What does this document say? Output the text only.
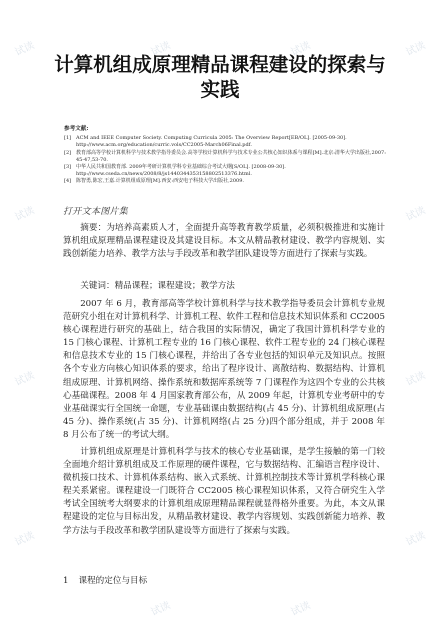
计算机组成原理精品课程建设的探索与
实践
参考文献:
[1] ACM and IEEE Computer Society. Computing Curricula 2005: The Overview Report[EB/OL]. [2005-09-30]. http://www.acm.org/education/curric.vols/CC2005-March06Final.pdf.
[2] 教育部高等学校计算机科学与技术教学指导委员会.高等学校计算机科学与技术专业公共核心知识体系与课程[M].北京:清华大学出版社,2007: 45-47,53-70.
[3] 中华人民共和国教育部. 2009年考研计算机学科专业基础综合考试大纲[S/OL]. [2008-09-30]. http://www.cseda.cn/news/2008/8/js1440344353158802513376.html.
[4] 陈智勇,陈宏,王嘉.计算机组成原理[M].西安:西安电子科技大学出版社,2009.
打开文本图片集
摘要：为培养高素质人才，全面提升高等教育教学质量，必须积极推进和实施计算机组成原理精品课程建设及其建设目标。本文从精品教材建设、教学内容规划、实践创新能力培养、教学方法与手段改革和教学团队建设等方面进行了探索与实践。
关键词：精品课程；课程建设；教学方法
2007 年 6 月，教育部高等学校计算机科学与技术教学指导委员会计算机专业规范研究小组在对计算机科学、计算机工程、软件工程和信息技术知识体系和 CC2005 核心课程进行研究的基础上，结合我国的实际情况，确定了我国计算机科学专业的 15 门核心课程、计算机工程专业的 16 门核心课程、软件工程专业的 24 门核心课程和信息技术专业的 15 门核心课程，并给出了各专业包括的知识单元及知识点。按照各个专业方向核心知识体系的要求，给出了程序设计、离散结构、数据结构、计算机组成原理、计算机网络、操作系统和数据库系统等 7 门课程作为这四个专业的公共核心基础课程。2008 年 4 月国家教育部公布，从 2009 年起，计算机专业考研中的专业基础课实行全国统一命题，专业基础课由数据结构(占 45 分)、计算机组成原理(占 45 分)、操作系统(占 35 分)、计算机网络(占 25 分)四个部分组成，并于 2008 年 8 月公布了统一的考试大纲。
计算机组成原理是计算机科学与技术的核心专业基础课，是学生接触的第一门较全面地介绍计算机组成及工作原理的硬件课程，它与数据结构、汇编语言程序设计、微机接口技术、计算机体系结构、嵌入式系统、计算机控制技术等计算机学科核心课程关系紧密。课程建设一门既符合 CC2005 核心课程知识体系，又符合研究生入学考试全国统考大纲要求的计算机组成原理精品课程就显得格外重要。为此，本文从课程建设的定位与目标出发，从精品教材建设、教学内容规划、实践创新能力培养、教学方法与手段改革和教学团队建设等方面进行了探索与实践。
1 课程的定位与目标
试读	试读	试读	试读
试读	试读
试读	试读
试读	试读
试读	试读
